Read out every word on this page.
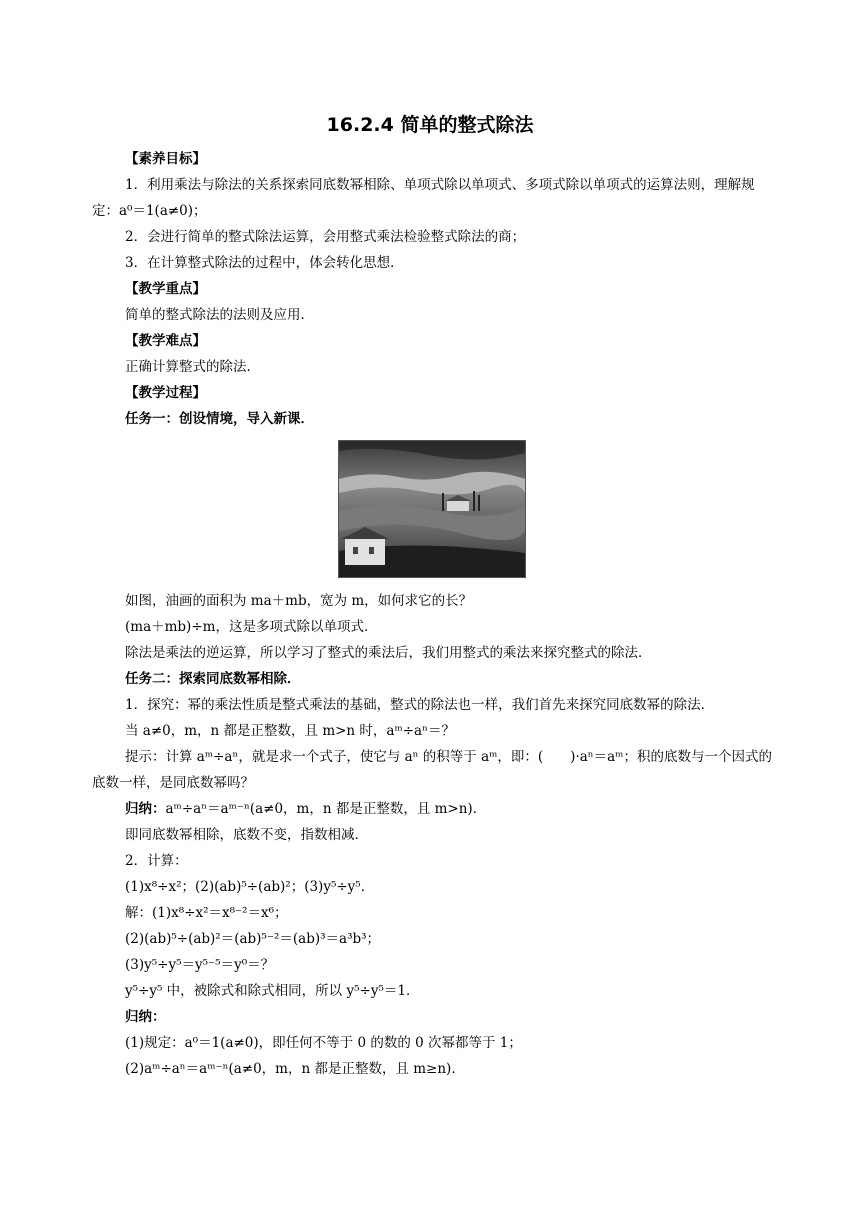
16.2.4 简单的整式除法

【素养目标】

1．利用乘法与除法的关系探索同底数幂相除、单项式除以单项式、多项式除以单项式的运算法则，理解规定：a⁰＝1(a≠0)；

2．会进行简单的整式除法运算，会用整式乘法检验整式除法的商；

3．在计算整式除法的过程中，体会转化思想．

【教学重点】

简单的整式除法的法则及应用．

【教学难点】

正确计算整式的除法．

【教学过程】

任务一：创设情境，导入新课．

如图，油画的面积为 ma＋mb，宽为 m，如何求它的长？

(ma＋mb)÷m，这是多项式除以单项式．

除法是乘法的逆运算，所以学习了整式的乘法后，我们用整式的乘法来探究整式的除法．

任务二：探索同底数幂相除．

1．探究：幂的乘法性质是整式乘法的基础，整式的除法也一样，我们首先来探究同底数幂的除法．

当 a≠0，m，n 都是正整数，且 m>n 时，aᵐ÷aⁿ＝？

提示：计算 aᵐ÷aⁿ，就是求一个式子，使它与 aⁿ 的积等于 aᵐ，即：(　　)·aⁿ＝aᵐ；积的底数与一个因式的底数一样，是同底数幂吗？

归纳：aᵐ÷aⁿ＝aᵐ⁻ⁿ(a≠0，m，n 都是正整数，且 m>n)．

即同底数幂相除，底数不变，指数相减．

2．计算：

(1)x⁸÷x²；(2)(ab)⁵÷(ab)²；(3)y⁵÷y⁵．

解：(1)x⁸÷x²＝x⁸⁻²＝x⁶；

(2)(ab)⁵÷(ab)²＝(ab)⁵⁻²＝(ab)³＝a³b³；

(3)y⁵÷y⁵＝y⁵⁻⁵＝y⁰＝？

y⁵÷y⁵ 中，被除式和除式相同，所以 y⁵÷y⁵＝1．

归纳：

(1)规定：a⁰＝1(a≠0)，即任何不等于 0 的数的 0 次幂都等于 1；

(2)aᵐ÷aⁿ＝aᵐ⁻ⁿ(a≠0，m，n 都是正整数，且 m≥n)．
